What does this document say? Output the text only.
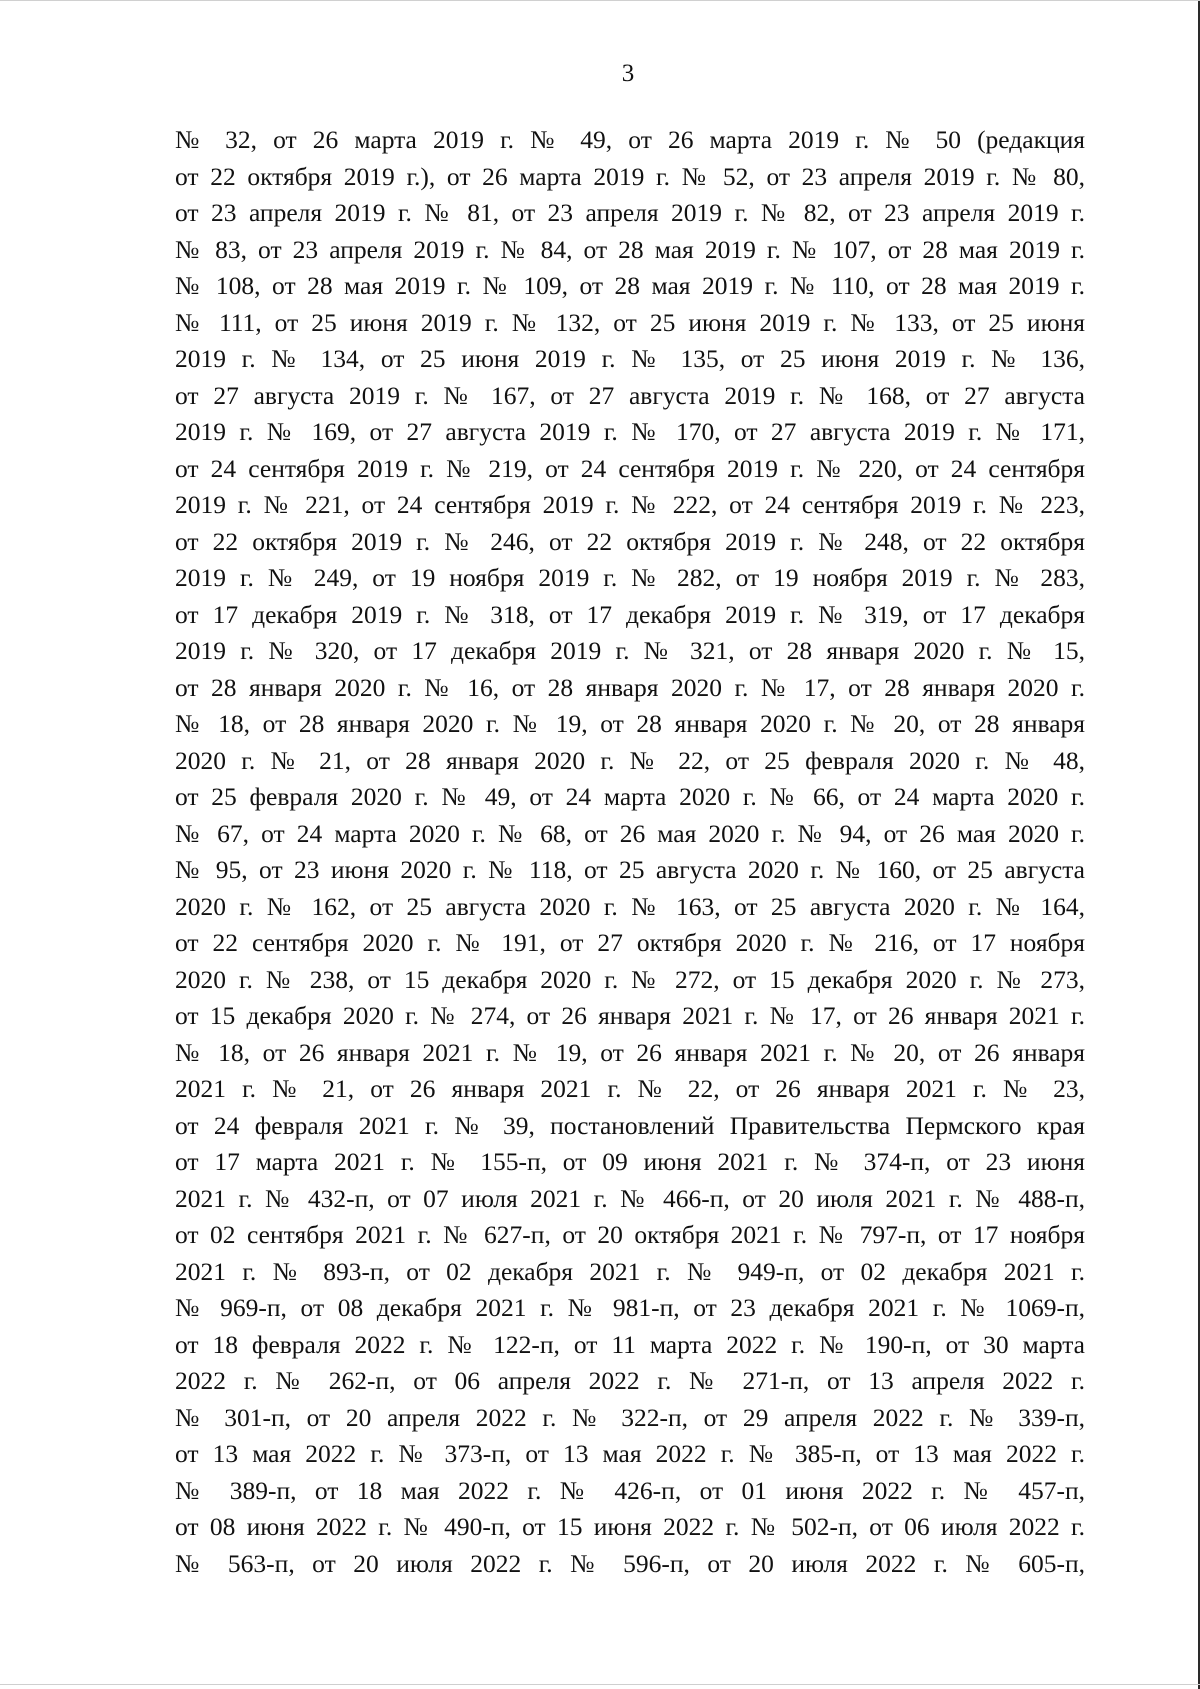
3
№ 32, от 26 марта 2019 г. № 49, от 26 марта 2019 г. № 50 (редакция
от 22 октября 2019 г.), от 26 марта 2019 г. № 52, от 23 апреля 2019 г. № 80,
от 23 апреля 2019 г. № 81, от 23 апреля 2019 г. № 82, от 23 апреля 2019 г.
№ 83, от 23 апреля 2019 г. № 84, от 28 мая 2019 г. № 107, от 28 мая 2019 г.
№ 108, от 28 мая 2019 г. № 109, от 28 мая 2019 г. № 110, от 28 мая 2019 г.
№ 111, от 25 июня 2019 г. № 132, от 25 июня 2019 г. № 133, от 25 июня
2019 г. № 134, от 25 июня 2019 г. № 135, от 25 июня 2019 г. № 136,
от 27 августа 2019 г. № 167, от 27 августа 2019 г. № 168, от 27 августа
2019 г. № 169, от 27 августа 2019 г. № 170, от 27 августа 2019 г. № 171,
от 24 сентября 2019 г. № 219, от 24 сентября 2019 г. № 220, от 24 сентября
2019 г. № 221, от 24 сентября 2019 г. № 222, от 24 сентября 2019 г. № 223,
от 22 октября 2019 г. № 246, от 22 октября 2019 г. № 248, от 22 октября
2019 г. № 249, от 19 ноября 2019 г. № 282, от 19 ноября 2019 г. № 283,
от 17 декабря 2019 г. № 318, от 17 декабря 2019 г. № 319, от 17 декабря
2019 г. № 320, от 17 декабря 2019 г. № 321, от 28 января 2020 г. № 15,
от 28 января 2020 г. № 16, от 28 января 2020 г. № 17, от 28 января 2020 г.
№ 18, от 28 января 2020 г. № 19, от 28 января 2020 г. № 20, от 28 января
2020 г. № 21, от 28 января 2020 г. № 22, от 25 февраля 2020 г. № 48,
от 25 февраля 2020 г. № 49, от 24 марта 2020 г. № 66, от 24 марта 2020 г.
№ 67, от 24 марта 2020 г. № 68, от 26 мая 2020 г. № 94, от 26 мая 2020 г.
№ 95, от 23 июня 2020 г. № 118, от 25 августа 2020 г. № 160, от 25 августа
2020 г. № 162, от 25 августа 2020 г. № 163, от 25 августа 2020 г. № 164,
от 22 сентября 2020 г. № 191, от 27 октября 2020 г. № 216, от 17 ноября
2020 г. № 238, от 15 декабря 2020 г. № 272, от 15 декабря 2020 г. № 273,
от 15 декабря 2020 г. № 274, от 26 января 2021 г. № 17, от 26 января 2021 г.
№ 18, от 26 января 2021 г. № 19, от 26 января 2021 г. № 20, от 26 января
2021 г. № 21, от 26 января 2021 г. № 22, от 26 января 2021 г. № 23,
от 24 февраля 2021 г. № 39, постановлений Правительства Пермского края
от 17 марта 2021 г. № 155-п, от 09 июня 2021 г. № 374-п, от 23 июня
2021 г. № 432-п, от 07 июля 2021 г. № 466-п, от 20 июля 2021 г. № 488-п,
от 02 сентября 2021 г. № 627-п, от 20 октября 2021 г. № 797-п, от 17 ноября
2021 г. № 893-п, от 02 декабря 2021 г. № 949-п, от 02 декабря 2021 г.
№ 969-п, от 08 декабря 2021 г. № 981-п, от 23 декабря 2021 г. № 1069-п,
от 18 февраля 2022 г. № 122-п, от 11 марта 2022 г. № 190-п, от 30 марта
2022 г. № 262-п, от 06 апреля 2022 г. № 271-п, от 13 апреля 2022 г.
№ 301-п, от 20 апреля 2022 г. № 322-п, от 29 апреля 2022 г. № 339-п,
от 13 мая 2022 г. № 373-п, от 13 мая 2022 г. № 385-п, от 13 мая 2022 г.
№ 389-п, от 18 мая 2022 г. № 426-п, от 01 июня 2022 г. № 457-п,
от 08 июня 2022 г. № 490-п, от 15 июня 2022 г. № 502-п, от 06 июля 2022 г.
№ 563-п, от 20 июля 2022 г. № 596-п, от 20 июля 2022 г. № 605-п,
